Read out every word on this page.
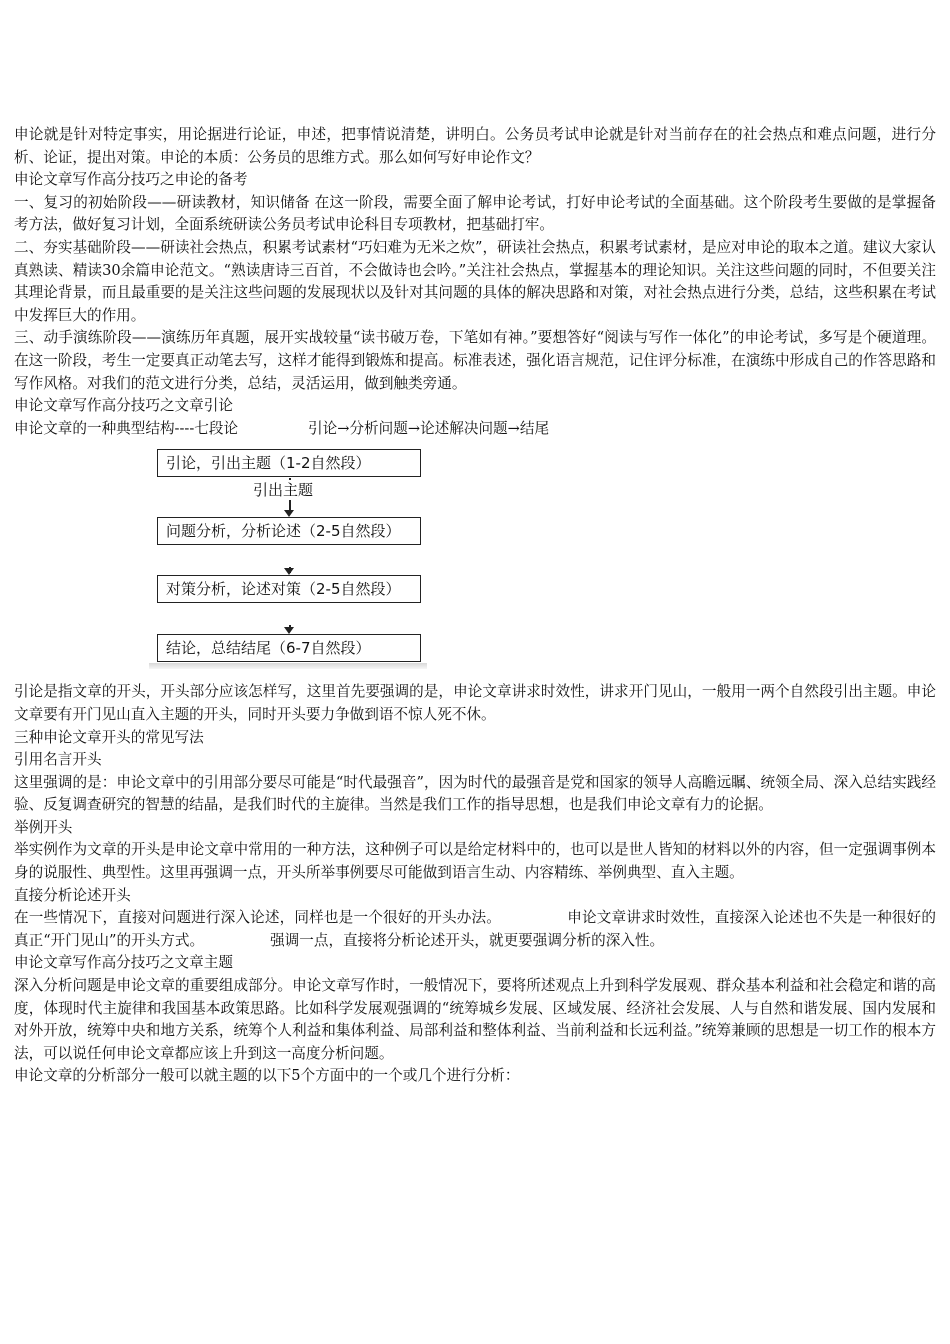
申论就是针对特定事实，用论据进行论证，申述，把事情说清楚，讲明白。公务员考试申论就是针对当前存在的社会热点和难点问题，进行分析、论证，提出对策。申论的本质：公务员的思维方式。那么如何写好申论作文？

申论文章写作高分技巧之申论的备考

一、复习的初始阶段——研读教材，知识储备 在这一阶段，需要全面了解申论考试，打好申论考试的全面基础。这个阶段考生要做的是掌握备考方法，做好复习计划，全面系统研读公务员考试申论科目专项教材，把基础打牢。

二、夯实基础阶段——研读社会热点，积累考试素材“巧妇难为无米之炊”，研读社会热点，积累考试素材，是应对申论的取本之道。建议大家认真熟读、精读30余篇申论范文。“熟读唐诗三百首，不会做诗也会吟。”关注社会热点，掌握基本的理论知识。关注这些问题的同时，不但要关注其理论背景，而且最重要的是关注这些问题的发展现状以及针对其问题的具体的解决思路和对策，对社会热点进行分类，总结，这些积累在考试中发挥巨大的作用。

三、动手演练阶段——演练历年真题，展开实战较量“读书破万卷，下笔如有神。”要想答好“阅读与写作一体化”的申论考试，多写是个硬道理。在这一阶段，考生一定要真正动笔去写，这样才能得到锻炼和提高。标准表述，强化语言规范，记住评分标准，在演练中形成自己的作答思路和写作风格。对我们的范文进行分类，总结，灵活运用，做到触类旁通。

申论文章写作高分技巧之文章引论

申论文章的一种典型结构----七段论	引论→分析问题→论述解决问题→结尾

引论，引出主题（1-2自然段）
引出主题
问题分析，分析论述（2-5自然段）
对策分析，论述对策（2-5自然段）
结论，总结结尾（6-7自然段）

引论是指文章的开头，开头部分应该怎样写，这里首先要强调的是，申论文章讲求时效性，讲求开门见山，一般用一两个自然段引出主题。申论文章要有开门见山直入主题的开头，同时开头要力争做到语不惊人死不休。

三种申论文章开头的常见写法

引用名言开头

这里强调的是：申论文章中的引用部分要尽可能是“时代最强音”，因为时代的最强音是党和国家的领导人高瞻远瞩、统领全局、深入总结实践经验、反复调查研究的智慧的结晶，是我们时代的主旋律。当然是我们工作的指导思想，也是我们申论文章有力的论据。

举例开头

举实例作为文章的开头是申论文章中常用的一种方法，这种例子可以是给定材料中的，也可以是世人皆知的材料以外的内容，但一定强调事例本身的说服性、典型性。这里再强调一点，开头所举事例要尽可能做到语言生动、内容精练、举例典型、直入主题。

直接分析论述开头

在一些情况下，直接对问题进行深入论述，同样也是一个很好的开头办法。	申论文章讲求时效性，直接深入论述也不失是一种很好的真正“开门见山”的开头方式。	强调一点，直接将分析论述开头，就更要强调分析的深入性。

申论文章写作高分技巧之文章主题

深入分析问题是申论文章的重要组成部分。申论文章写作时，一般情况下，要将所述观点上升到科学发展观、群众基本利益和社会稳定和谐的高度，体现时代主旋律和我国基本政策思路。比如科学发展观强调的“统筹城乡发展、区域发展、经济社会发展、人与自然和谐发展、国内发展和对外开放，统筹中央和地方关系，统筹个人利益和集体利益、局部利益和整体利益、当前利益和长远利益。”统筹兼顾的思想是一切工作的根本方法，可以说任何申论文章都应该上升到这一高度分析问题。

申论文章的分析部分一般可以就主题的以下5个方面中的一个或几个进行分析：
